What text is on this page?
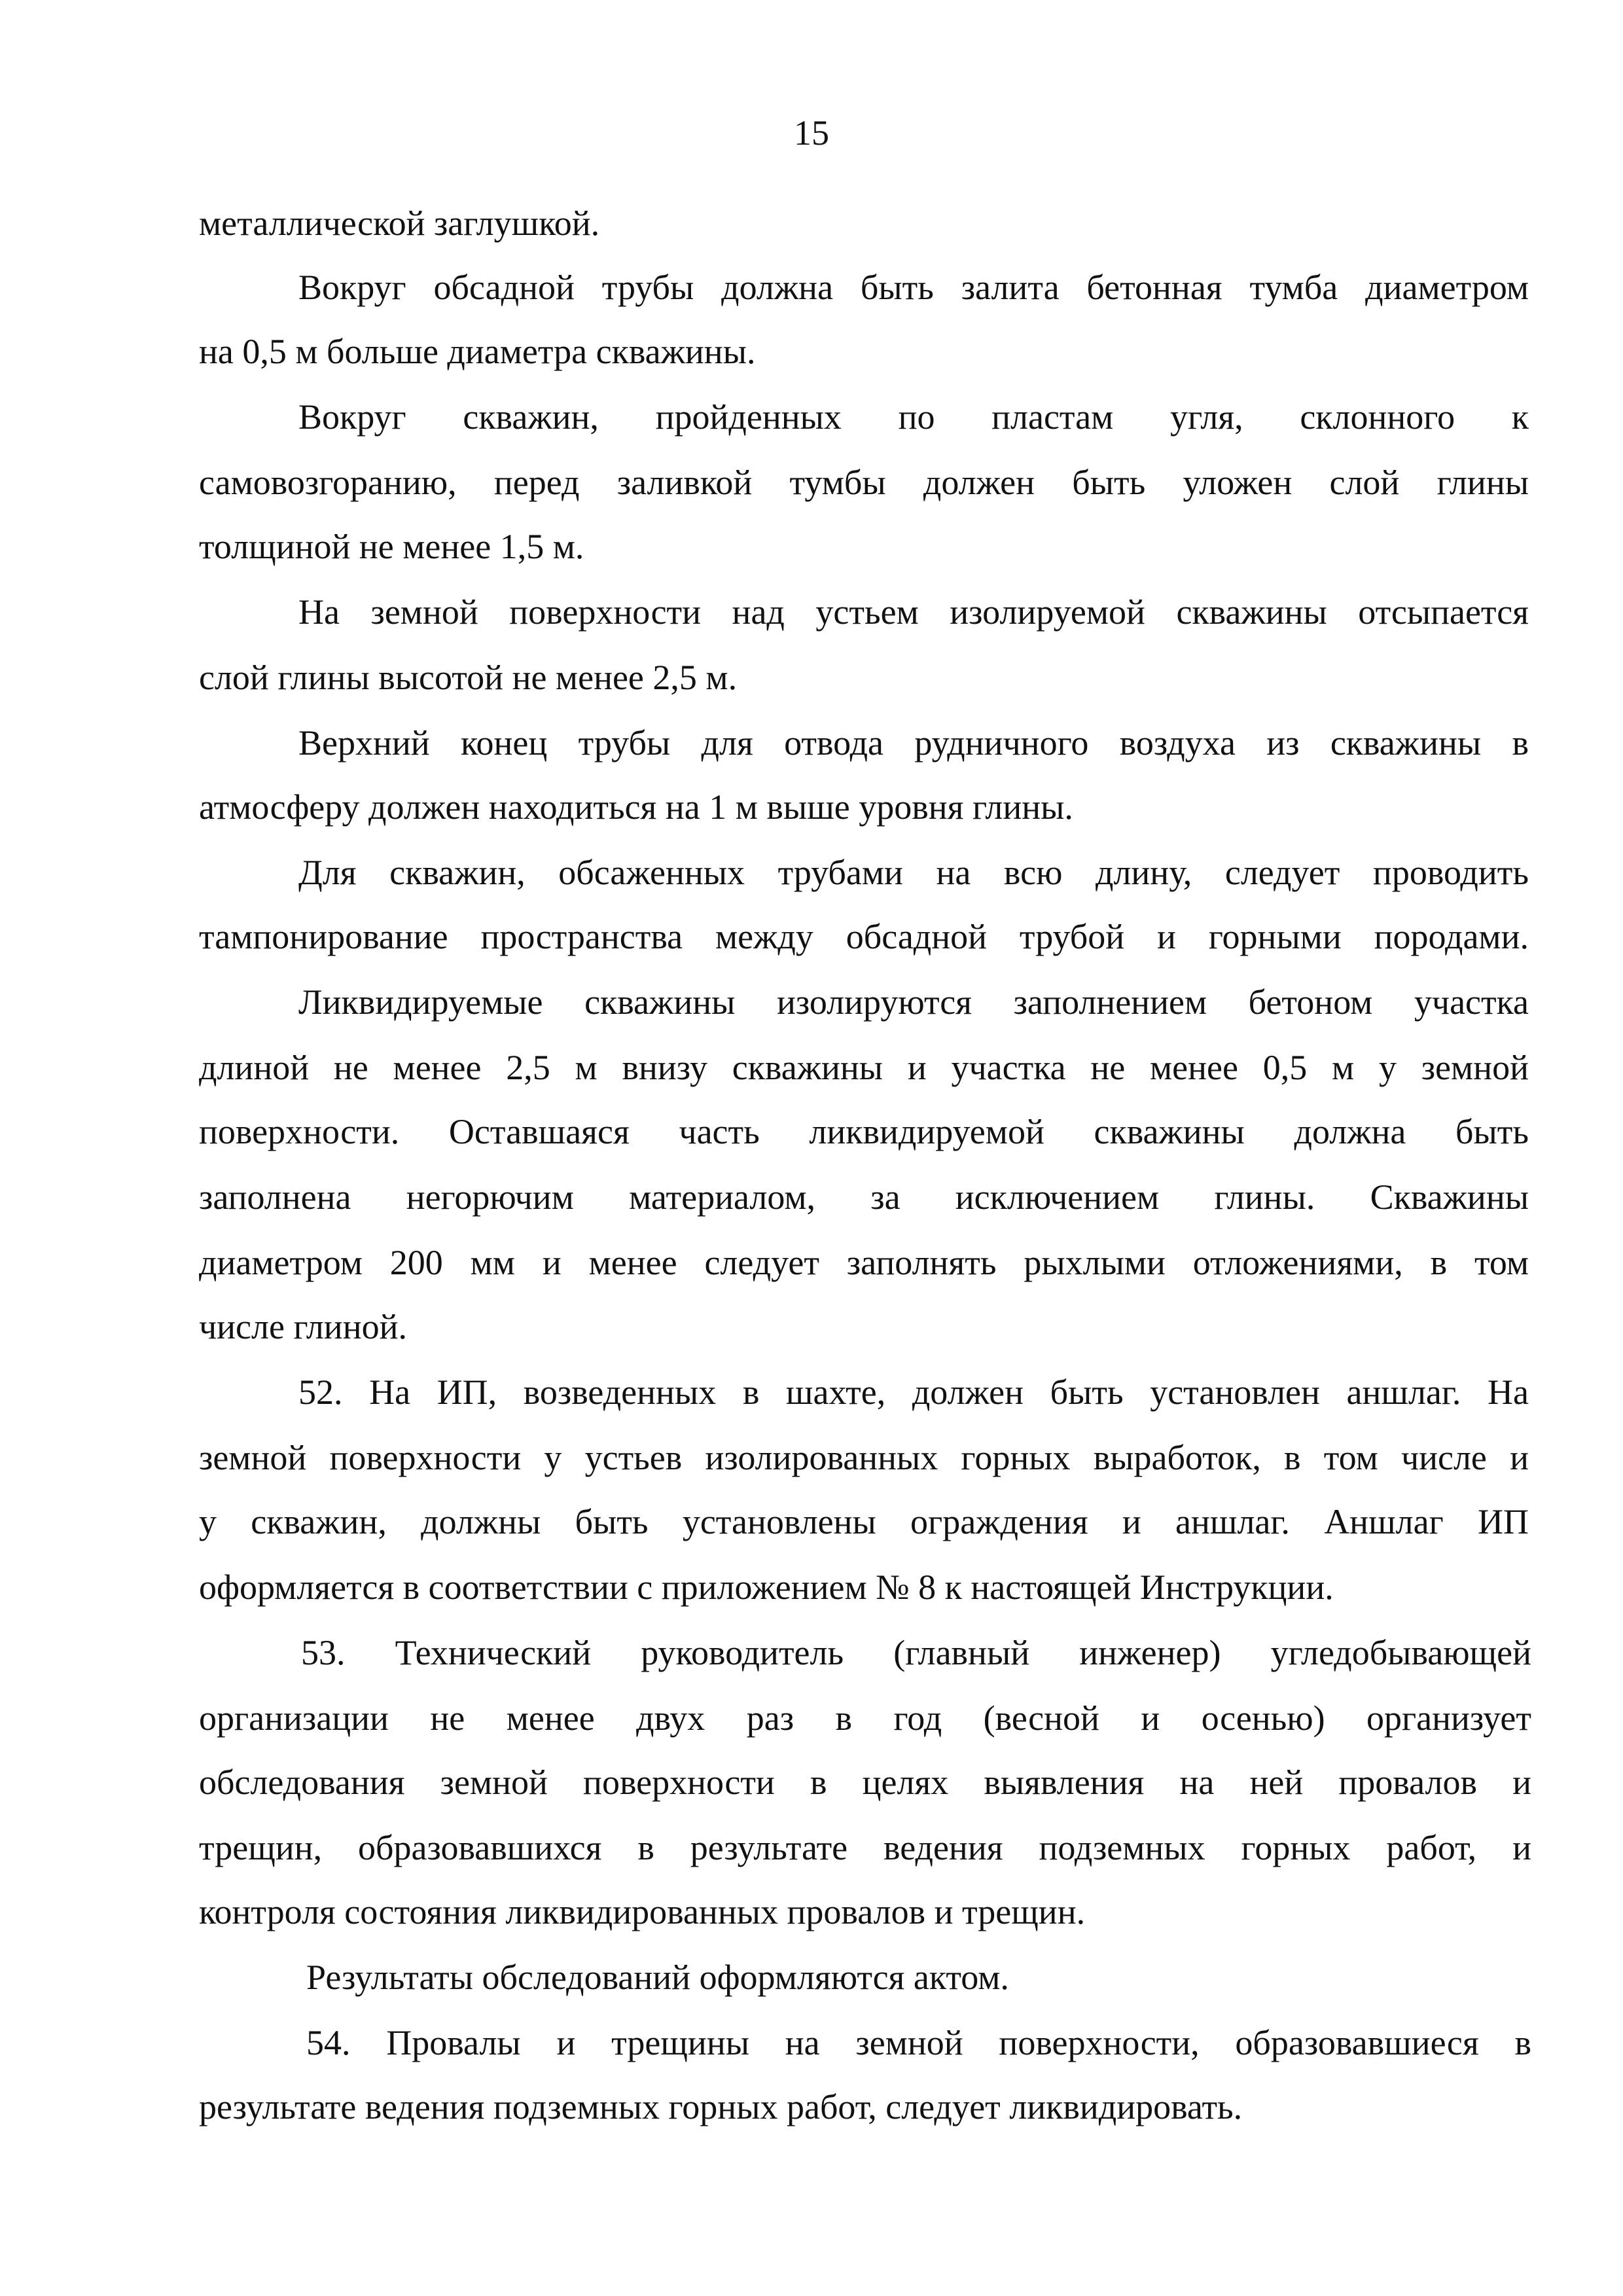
15
металлической заглушкой.
Вокруг обсадной трубы должна быть залита бетонная тумба диаметром
на 0,5 м больше диаметра скважины.
Вокруг скважин, пройденных по пластам угля, склонного к
самовозгоранию, перед заливкой тумбы должен быть уложен слой глины
толщиной не менее 1,5 м.
На земной поверхности над устьем изолируемой скважины отсыпается
слой глины высотой не менее 2,5 м.
Верхний конец трубы для отвода рудничного воздуха из скважины в
атмосферу должен находиться на 1 м выше уровня глины.
Для скважин, обсаженных трубами на всю длину, следует проводить
тампонирование пространства между обсадной трубой и горными породами.
Ликвидируемые скважины изолируются заполнением бетоном участка
длиной не менее 2,5 м внизу скважины и участка не менее 0,5 м у земной
поверхности. Оставшаяся часть ликвидируемой скважины должна быть
заполнена негорючим материалом, за исключением глины. Скважины
диаметром 200 мм и менее следует заполнять рыхлыми отложениями, в том
числе глиной.
52. На ИП, возведенных в шахте, должен быть установлен аншлаг. На
земной поверхности у устьев изолированных горных выработок, в том числе и
у скважин, должны быть установлены ограждения и аншлаг. Аншлаг ИП
оформляется в соответствии с приложением № 8 к настоящей Инструкции.
53. Технический руководитель (главный инженер) угледобывающей
организации не менее двух раз в год (весной и осенью) организует
обследования земной поверхности в целях выявления на ней провалов и
трещин, образовавшихся в результате ведения подземных горных работ, и
контроля состояния ликвидированных провалов и трещин.
Результаты обследований оформляются актом.
54. Провалы и трещины на земной поверхности, образовавшиеся в
результате ведения подземных горных работ, следует ликвидировать.
